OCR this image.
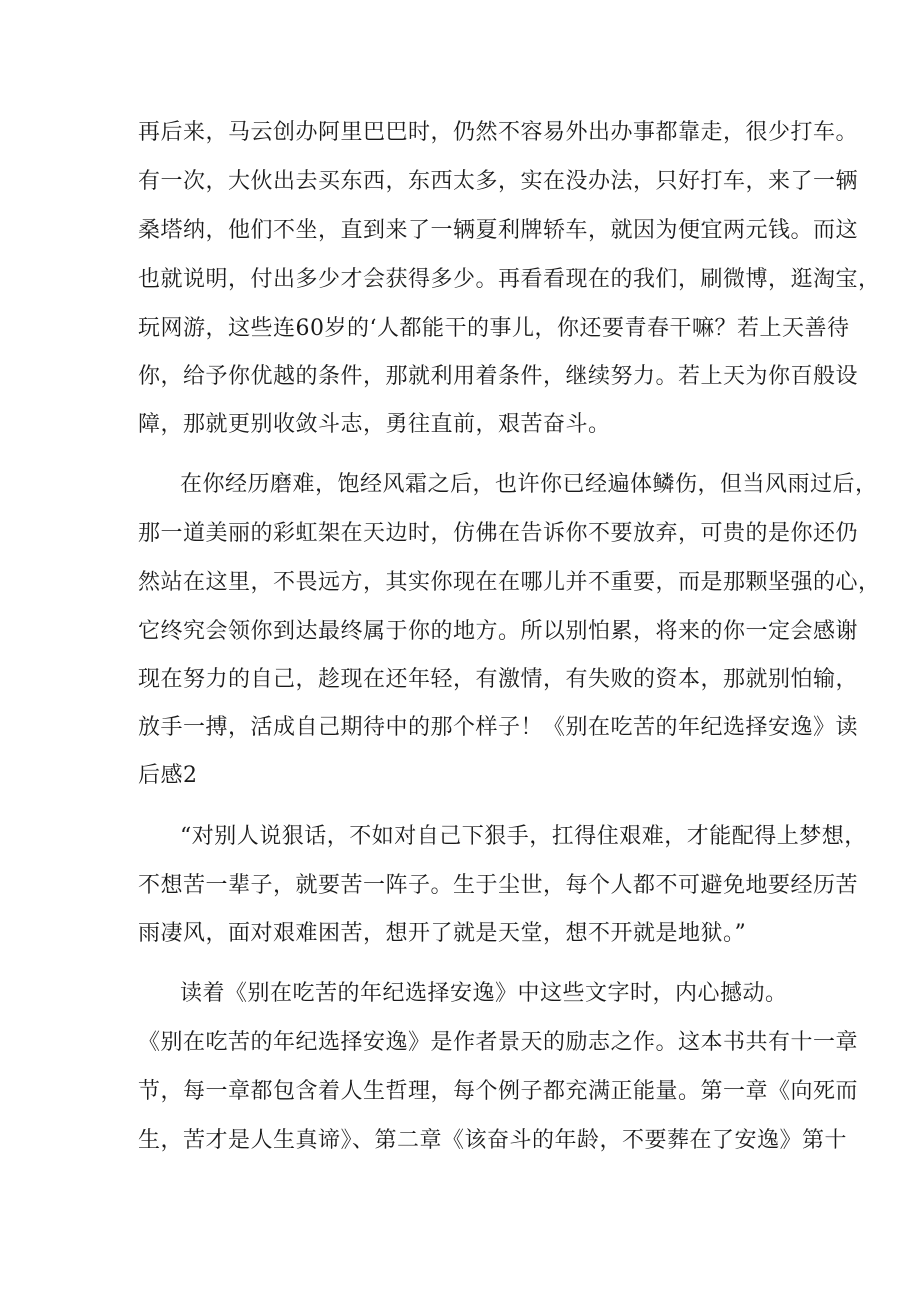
再后来，马云创办阿里巴巴时，仍然不容易外出办事都靠走，很少打车。
有一次，大伙出去买东西，东西太多，实在没办法，只好打车，来了一辆
桑塔纳，他们不坐，直到来了一辆夏利牌轿车，就因为便宜两元钱。而这
也就说明，付出多少才会获得多少。再看看现在的我们，刷微博，逛淘宝，
玩网游，这些连60岁的‘人都能干的事儿，你还要青春干嘛？若上天善待
你，给予你优越的条件，那就利用着条件，继续努力。若上天为你百般设
障，那就更别收敛斗志，勇往直前，艰苦奋斗。
在你经历磨难，饱经风霜之后，也许你已经遍体鳞伤，但当风雨过后，
那一道美丽的彩虹架在天边时，仿佛在告诉你不要放弃，可贵的是你还仍
然站在这里，不畏远方，其实你现在在哪儿并不重要，而是那颗坚强的心，
它终究会领你到达最终属于你的地方。所以别怕累，将来的你一定会感谢
现在努力的自己，趁现在还年轻，有激情，有失败的资本，那就别怕输，
放手一搏，活成自己期待中的那个样子！《别在吃苦的年纪选择安逸》读
后感2
“对别人说狠话，不如对自己下狠手，扛得住艰难，才能配得上梦想，
不想苦一辈子，就要苦一阵子。生于尘世，每个人都不可避免地要经历苦
雨凄风，面对艰难困苦，想开了就是天堂，想不开就是地狱。”
读着《别在吃苦的年纪选择安逸》中这些文字时，内心撼动。
《别在吃苦的年纪选择安逸》是作者景天的励志之作。这本书共有十一章
节，每一章都包含着人生哲理，每个例子都充满正能量。第一章《向死而
生，苦才是人生真谛》、第二章《该奋斗的年龄，不要葬在了安逸》第十
